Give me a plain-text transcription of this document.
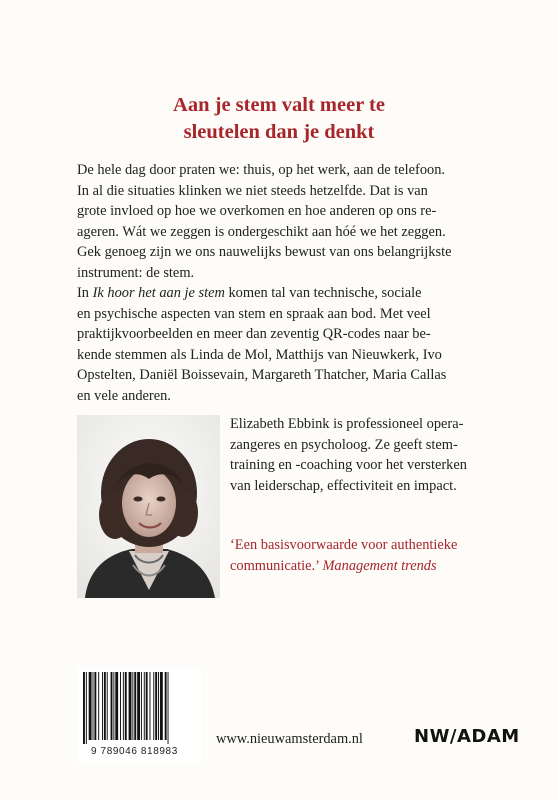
Aan je stem valt meer te
sleutelen dan je denkt
De hele dag door praten we: thuis, op het werk, aan de telefoon.
In al die situaties klinken we niet steeds hetzelfde. Dat is van
grote invloed op hoe we overkomen en hoe anderen op ons re-
ageren. Wát we zeggen is ondergeschikt aan hóé we het zeggen.
Gek genoeg zijn we ons nauwelijks bewust van ons belangrijkste
instrument: de stem.
In Ik hoor het aan je stem komen tal van technische, sociale
en psychische aspecten van stem en spraak aan bod. Met veel
praktijkvoorbeelden en meer dan zeventig QR-codes naar be-
kende stemmen als Linda de Mol, Matthijs van Nieuwkerk, Ivo
Opstelten, Daniël Boissevain, Margareth Thatcher, Maria Callas
en vele anderen.
Elizabeth Ebbink is professioneel opera-
zangeres en psycholoog. Ze geeft stem-
training en -coaching voor het versterken
van leiderschap, effectiviteit en impact.
‘Een basisvoorwaarde voor authentieke
communicatie.’ Management trends
9 789046 818983
www.nieuwamsterdam.nl	NW/ADAM
